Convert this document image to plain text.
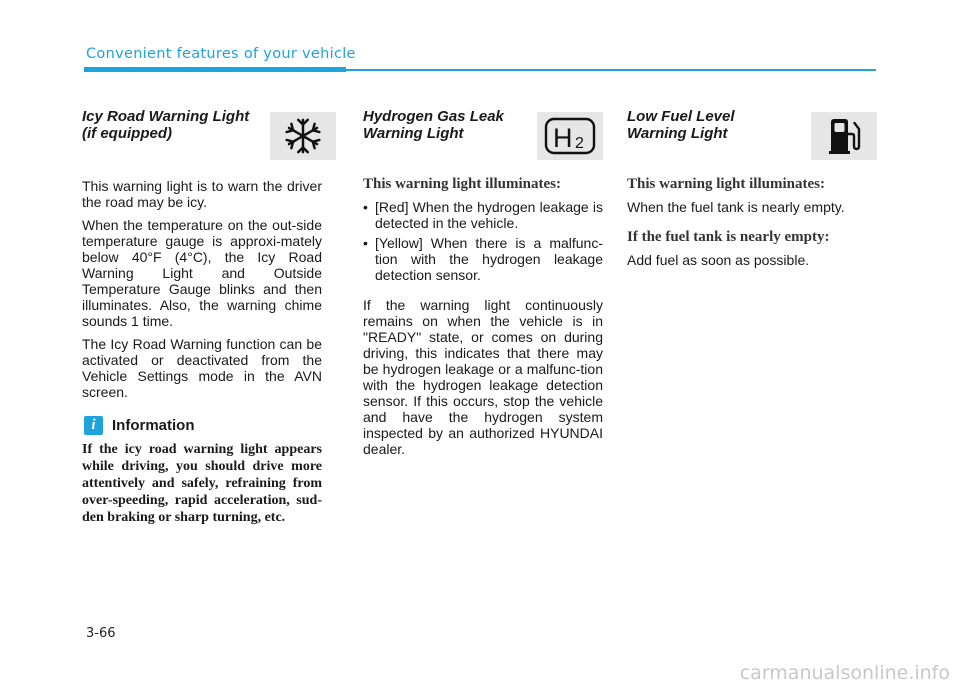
Convenient features of your vehicle
Icy Road Warning Light
(if equipped)

This warning light is to warn the driver the road may be icy.

When the temperature on the out-side temperature gauge is approxi-mately below 40°F (4°C), the Icy Road Warning Light and Outside Temperature Gauge blinks and then illuminates. Also, the warning chime sounds 1 time.

The Icy Road Warning function can be activated or deactivated from the Vehicle Settings mode in the AVN screen.

i	Information

If the icy road warning light appears while driving, you should drive more attentively and safely, refraining from over-speeding, rapid acceleration, sud-den braking or sharp turning, etc.

Hydrogen Gas Leak
Warning Light	H 2
This warning light illuminates:
• [Red] When the hydrogen leakage is detected in the vehicle.
• [Yellow] When there is a malfunc-tion with the hydrogen leakage detection sensor.

If the warning light continuously remains on when the vehicle is in "READY" state, or comes on during driving, this indicates that there may be hydrogen leakage or a malfunc-tion with the hydrogen leakage detection sensor. If this occurs, stop the vehicle and have the hydrogen system inspected by an authorized HYUNDAI dealer.

Low Fuel Level
Warning Light
This warning light illuminates:

When the fuel tank is nearly empty.

If the fuel tank is nearly empty:

Add fuel as soon as possible.

3-66
carmanualsonline.info
